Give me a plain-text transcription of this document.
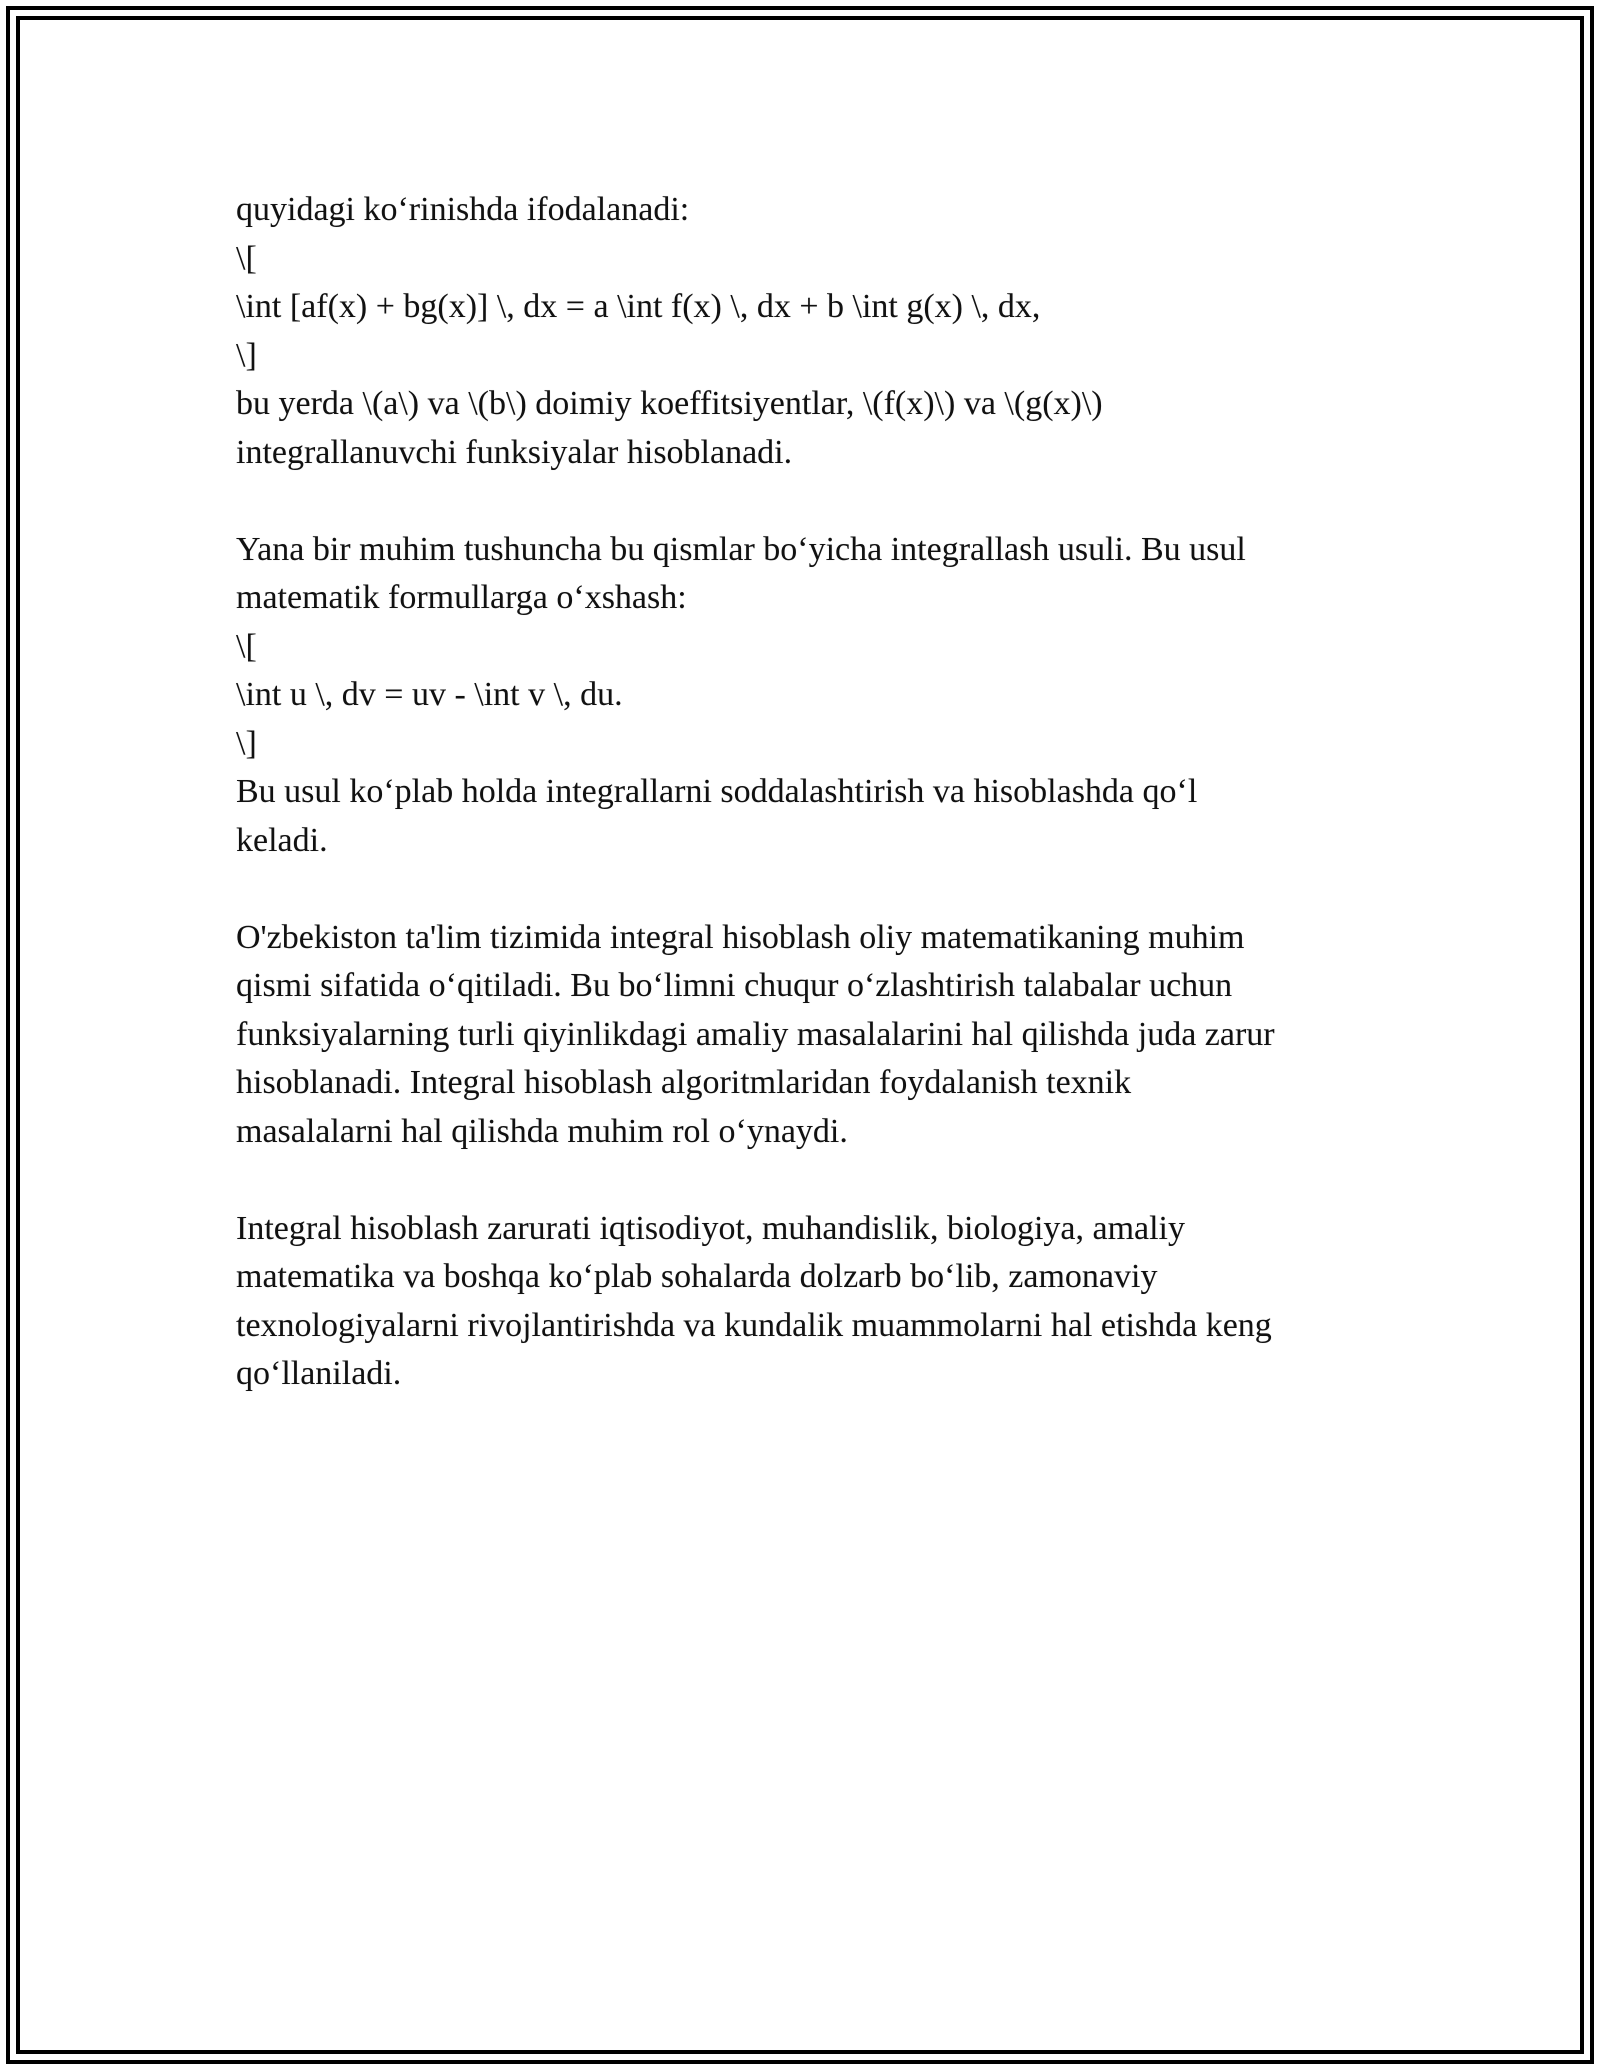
quyidagi ko‘rinishda ifodalanadi:
\[
\int [af(x) + bg(x)] \, dx = a \int f(x) \, dx + b \int g(x) \, dx,
\]
bu yerda \(a\) va \(b\) doimiy koeffitsiyentlar, \(f(x)\) va \(g(x)\)
integrallanuvchi funksiyalar hisoblanadi.
Yana bir muhim tushuncha bu qismlar bo‘yicha integrallash usuli. Bu usul
matematik formullarga o‘xshash:
\[
\int u \, dv = uv - \int v \, du.
\]
Bu usul ko‘plab holda integrallarni soddalashtirish va hisoblashda qo‘l
keladi.
O'zbekiston ta'lim tizimida integral hisoblash oliy matematikaning muhim
qismi sifatida o‘qitiladi. Bu bo‘limni chuqur o‘zlashtirish talabalar uchun
funksiyalarning turli qiyinlikdagi amaliy masalalarini hal qilishda juda zarur
hisoblanadi. Integral hisoblash algoritmlaridan foydalanish texnik
masalalarni hal qilishda muhim rol o‘ynaydi.
Integral hisoblash zarurati iqtisodiyot, muhandislik, biologiya, amaliy
matematika va boshqa ko‘plab sohalarda dolzarb bo‘lib, zamonaviy
texnologiyalarni rivojlantirishda va kundalik muammolarni hal etishda keng
qo‘llaniladi.
